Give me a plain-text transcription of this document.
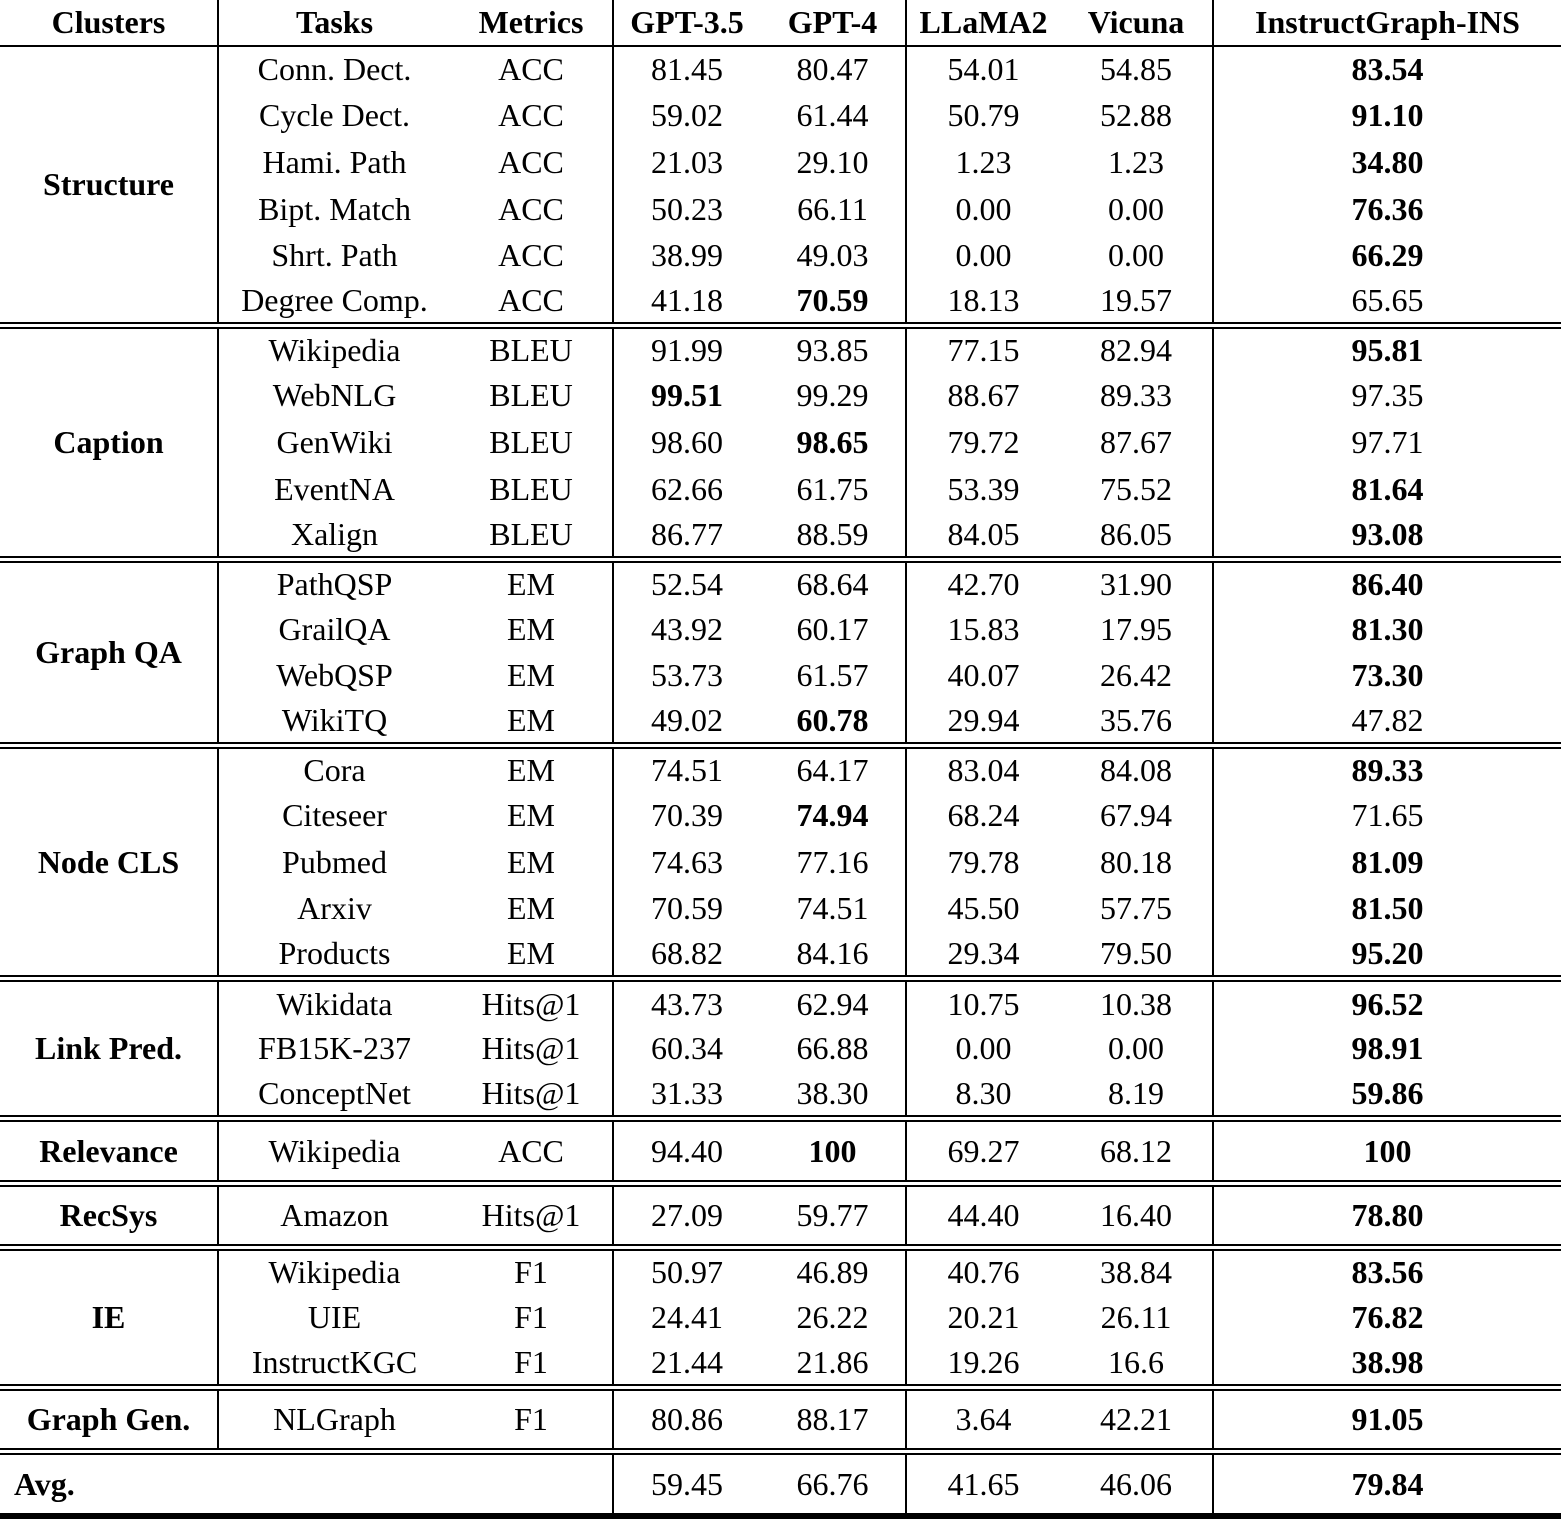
Clusters	Tasks	Metrics	GPT-3.5	GPT-4	LLaMA2	Vicuna	InstructGraph-INS
Structure	Conn. Dect.	ACC	81.45	80.47	54.01	54.85	83.54
	Cycle Dect.	ACC	59.02	61.44	50.79	52.88	91.10
	Hami. Path	ACC	21.03	29.10	1.23	1.23	34.80
	Bipt. Match	ACC	50.23	66.11	0.00	0.00	76.36
	Shrt. Path	ACC	38.99	49.03	0.00	0.00	66.29
	Degree Comp.	ACC	41.18	70.59	18.13	19.57	65.65
Caption	Wikipedia	BLEU	91.99	93.85	77.15	82.94	95.81
	WebNLG	BLEU	99.51	99.29	88.67	89.33	97.35
	GenWiki	BLEU	98.60	98.65	79.72	87.67	97.71
	EventNA	BLEU	62.66	61.75	53.39	75.52	81.64
	Xalign	BLEU	86.77	88.59	84.05	86.05	93.08
Graph QA	PathQSP	EM	52.54	68.64	42.70	31.90	86.40
	GrailQA	EM	43.92	60.17	15.83	17.95	81.30
	WebQSP	EM	53.73	61.57	40.07	26.42	73.30
	WikiTQ	EM	49.02	60.78	29.94	35.76	47.82
Node CLS	Cora	EM	74.51	64.17	83.04	84.08	89.33
	Citeseer	EM	70.39	74.94	68.24	67.94	71.65
	Pubmed	EM	74.63	77.16	79.78	80.18	81.09
	Arxiv	EM	70.59	74.51	45.50	57.75	81.50
	Products	EM	68.82	84.16	29.34	79.50	95.20
Link Pred.	Wikidata	Hits@1	43.73	62.94	10.75	10.38	96.52
	FB15K-237	Hits@1	60.34	66.88	0.00	0.00	98.91
	ConceptNet	Hits@1	31.33	38.30	8.30	8.19	59.86
Relevance	Wikipedia	ACC	94.40	100	69.27	68.12	100
RecSys	Amazon	Hits@1	27.09	59.77	44.40	16.40	78.80
IE	Wikipedia	F1	50.97	46.89	40.76	38.84	83.56
	UIE	F1	24.41	26.22	20.21	26.11	76.82
	InstructKGC	F1	21.44	21.86	19.26	16.6	38.98
Graph Gen.	NLGraph	F1	80.86	88.17	3.64	42.21	91.05
Avg.			59.45	66.76	41.65	46.06	79.84
